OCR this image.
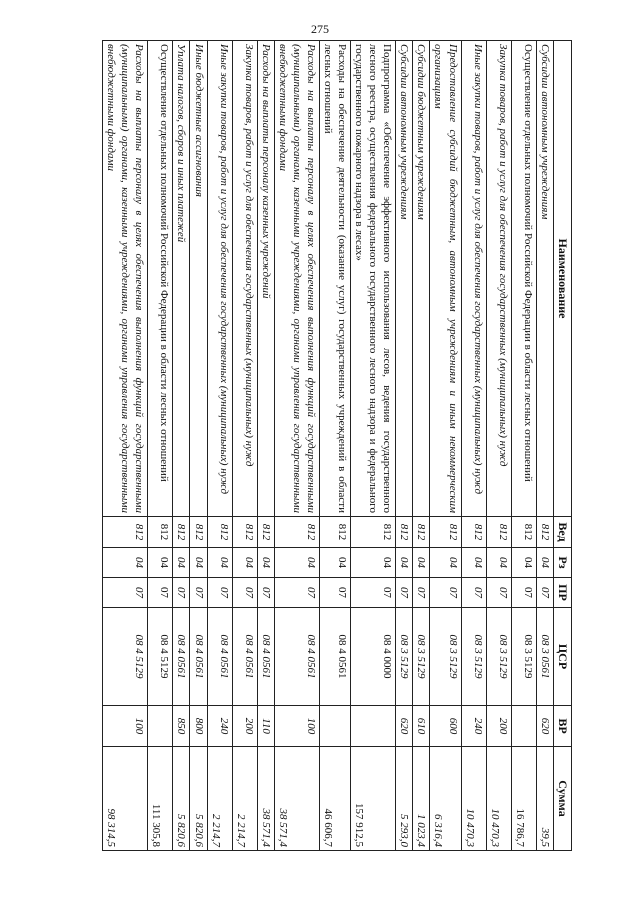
275
Наименование	Вед	Рз	ПР	ЦСР	ВР	Сумма
Субсидии автономным учреждениям	812	04	07	08 3 0561	620	39,5
Осуществление отдельных полномочий Российской Федерации в области лесных отношений	812	04	07	08 3 5129		16 786,7
Закупка товаров, работ и услуг для обеспечения государственных (муниципальных) нужд	812	04	07	08 3 5129	200	10 470,3
Иные закупки товаров, работ и услуг для обеспечения государственных (муниципальных) нужд	812	04	07	08 3 5129	240	10 470,3
Предоставление субсидий бюджетным, автономным учреждениям и иным некоммерческим организациям	812	04	07	08 3 5129	600	6 316,4
Субсидии бюджетным учреждениям	812	04	07	08 3 5129	610	1 023,4
Субсидии автономным учреждениям	812	04	07	08 3 5129	620	5 293,0
Подпрограмма «Обеспечение эффективного использования лесов, ведения государственного лесного реестра, осуществления федерального государственного лесного надзора и федерального государственного пожарного надзора в лесах»	812	04	07	08 4 0000		157 912,5
Расходы на обеспечение деятельности (оказание услуг) государственных учреждений в области лесных отношений	812	04	07	08 4 0561		46 606,7
Расходы на выплаты персоналу в целях обеспечения выполнения функций государственными (муниципальными) органами, казенными учреждениями, органами управления государственными внебюджетными фондами	812	04	07	08 4 0561	100	38 571,4
Расходы на выплаты персоналу казенных учреждений	812	04	07	08 4 0561	110	38 571,4
Закупка товаров, работ и услуг для обеспечения государственных (муниципальных) нужд	812	04	07	08 4 0561	200	2 214,7
Иные закупки товаров, работ и услуг для обеспечения государственных (муниципальных) нужд	812	04	07	08 4 0561	240	2 214,7
Иные бюджетные ассигнования	812	04	07	08 4 0561	800	5 820,6
Уплата налогов, сборов и иных платежей	812	04	07	08 4 0561	850	5 820,6
Осуществление отдельных полномочий Российской Федерации в области лесных отношений	812	04	07	08 4 5129		111 305,8
Расходы на выплаты персоналу в целях обеспечения выполнения функций государственными (муниципальными) органами, казенными учреждениями, органами управления государственными внебюджетными фондами	812	04	07	08 4 5129	100	98 314,5
